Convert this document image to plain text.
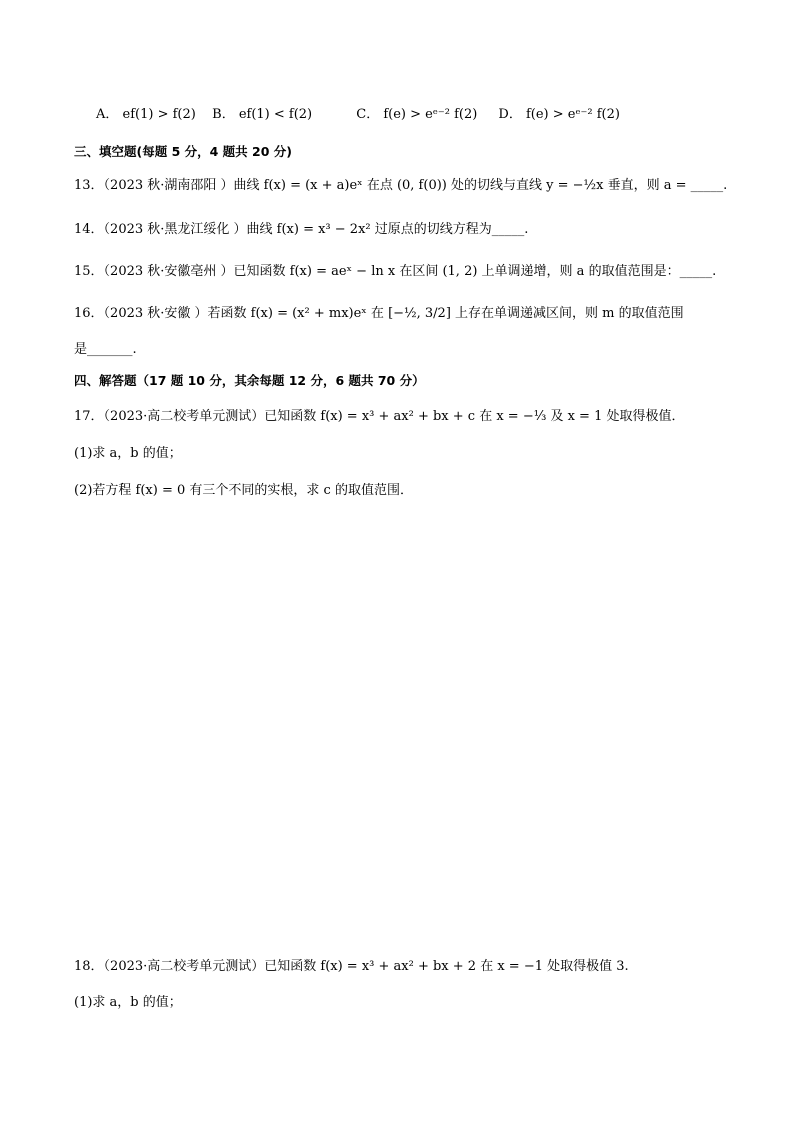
A． ef(1) > f(2) B． ef(1) < f(2)	C． f(e) > eᵉ⁻² f(2) D． f(e) > eᵉ⁻² f(2)
三、填空题(每题 5 分，4 题共 20 分)
13．（2023 秋·湖南邵阳 ）曲线 f(x) = (x + a)eˣ 在点 (0, f(0)) 处的切线与直线 y = −½x 垂直，则 a = _____.
14．（2023 秋·黑龙江绥化 ）曲线 f(x) = x³ − 2x² 过原点的切线方程为_____.
15．（2023 秋·安徽亳州 ）已知函数 f(x) = aeˣ − ln x 在区间 (1, 2) 上单调递增，则 a 的取值范围是：_____.
16．（2023 秋·安徽 ）若函数 f(x) = (x² + mx)eˣ 在 [−½, 3/2] 上存在单调递减区间，则 m 的取值范围
是_______.
四、解答题（17 题 10 分，其余每题 12 分，6 题共 70 分）
17．（2023·高二校考单元测试）已知函数 f(x) = x³ + ax² + bx + c 在 x = −⅓ 及 x = 1 处取得极值．
(1)求 a，b 的值；
(2)若方程 f(x) = 0 有三个不同的实根，求 c 的取值范围．
18．（2023·高二校考单元测试）已知函数 f(x) = x³ + ax² + bx + 2 在 x = −1 处取得极值 3.
(1)求 a，b 的值；
